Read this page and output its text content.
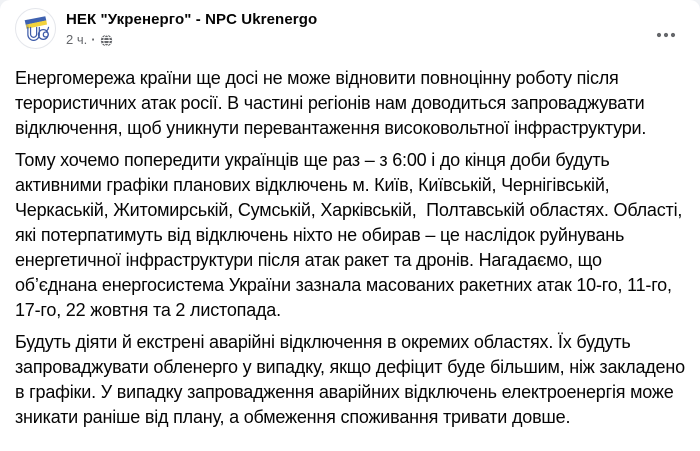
НЕК "Укренерго" - NPC Ukrenergo
2 ч. ·

Енергомережа країни ще досі не може відновити повноцінну роботу після терористичних атак росії. В частині регіонів нам доводиться запроваджувати відключення, щоб уникнути перевантаження високовольтної інфраструктури.

Тому хочемо попередити українців ще раз – з 6:00 і до кінця доби будуть активними графіки планових відключень м. Київ, Київській, Чернігівській, Черкаській, Житомирській, Сумській, Харківській,  Полтавській областях. Області, які потерпатимуть від відключень ніхто не обирав – це наслідок руйнувань енергетичної інфраструктури після атак ракет та дронів. Нагадаємо, що об’єднана енергосистема України зазнала масованих ракетних атак 10-го, 11-го, 17-го, 22 жовтня та 2 листопада.

Будуть діяти й екстрені аварійні відключення в окремих областях. Їх будуть запроваджувати обленерго у випадку, якщо дефіцит буде більшим, ніж закладено в графіки. У випадку запровадження аварійних відключень електроенергія може зникати раніше від плану, а обмеження споживання тривати довше.
